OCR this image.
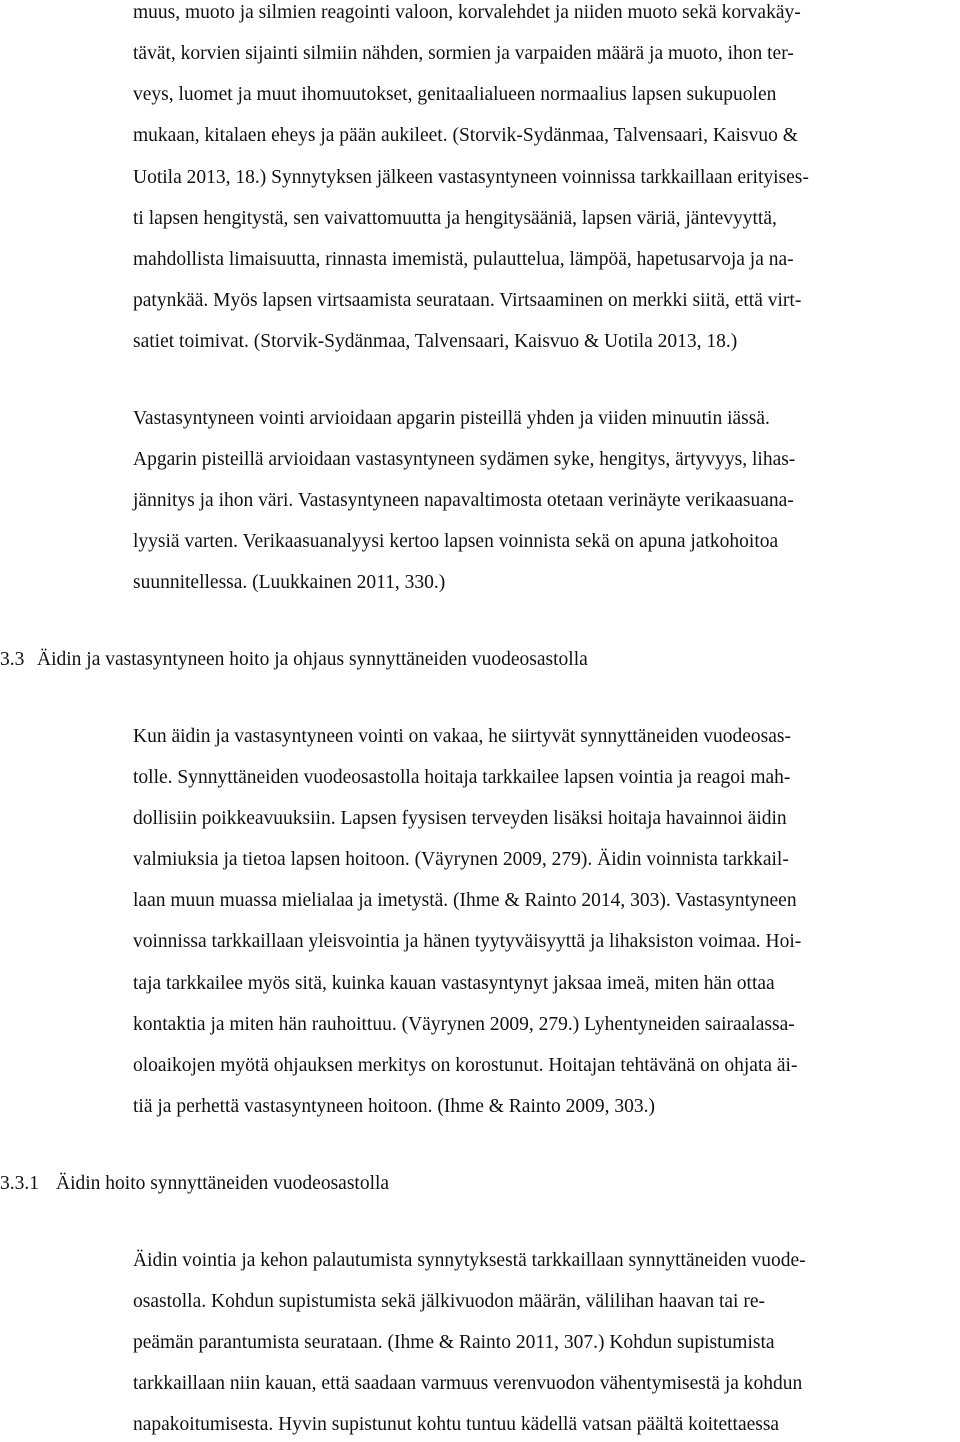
muus, muoto ja silmien reagointi valoon, korvalehdet ja niiden muoto sekä korvakäy-
tävät, korvien sijainti silmiin nähden, sormien ja varpaiden määrä ja muoto, ihon ter-
veys, luomet ja muut ihomuutokset, genitaalialueen normaalius lapsen sukupuolen
mukaan, kitalaen eheys ja pään aukileet. (Storvik-Sydänmaa, Talvensaari, Kaisvuo &
Uotila 2013, 18.) Synnytyksen jälkeen vastasyntyneen voinnissa tarkkaillaan erityises-
ti lapsen hengitystä, sen vaivattomuutta ja hengitysääniä, lapsen väriä, jäntevyyttä,
mahdollista limaisuutta, rinnasta imemistä, pulauttelua, lämpöä, hapetusarvoja ja na-
patynkää. Myös lapsen virtsaamista seurataan. Virtsaaminen on merkki siitä, että virt-
satiet toimivat. (Storvik-Sydänmaa, Talvensaari, Kaisvuo & Uotila 2013, 18.)
Vastasyntyneen vointi arvioidaan apgarin pisteillä yhden ja viiden minuutin iässä.
Apgarin pisteillä arvioidaan vastasyntyneen sydämen syke, hengitys, ärtyvyys, lihas-
jännitys ja ihon väri. Vastasyntyneen napavaltimosta otetaan verinäyte verikaasuana-
lyysiä varten. Verikaasuanalyysi kertoo lapsen voinnista sekä on apuna jatkohoitoa
suunnitellessa. (Luukkainen 2011, 330.)
3.3 Äidin ja vastasyntyneen hoito ja ohjaus synnyttäneiden vuodeosastolla
Kun äidin ja vastasyntyneen vointi on vakaa, he siirtyvät synnyttäneiden vuodeosas-
tolle. Synnyttäneiden vuodeosastolla hoitaja tarkkailee lapsen vointia ja reagoi mah-
dollisiin poikkeavuuksiin. Lapsen fyysisen terveyden lisäksi hoitaja havainnoi äidin
valmiuksia ja tietoa lapsen hoitoon. (Väyrynen 2009, 279). Äidin voinnista tarkkail-
laan muun muassa mielialaa ja imetystä. (Ihme & Rainto 2014, 303). Vastasyntyneen
voinnissa tarkkaillaan yleisvointia ja hänen tyytyväisyyttä ja lihaksiston voimaa. Hoi-
taja tarkkailee myös sitä, kuinka kauan vastasyntynyt jaksaa imeä, miten hän ottaa
kontaktia ja miten hän rauhoittuu. (Väyrynen 2009, 279.) Lyhentyneiden sairaalassa-
oloaikojen myötä ohjauksen merkitys on korostunut. Hoitajan tehtävänä on ohjata äi-
tiä ja perhettä vastasyntyneen hoitoon. (Ihme & Rainto 2009, 303.)
3.3.1 Äidin hoito synnyttäneiden vuodeosastolla
Äidin vointia ja kehon palautumista synnytyksestä tarkkaillaan synnyttäneiden vuode-
osastolla. Kohdun supistumista sekä jälkivuodon määrän, välilihan haavan tai re-
peämän parantumista seurataan. (Ihme & Rainto 2011, 307.) Kohdun supistumista
tarkkaillaan niin kauan, että saadaan varmuus verenvuodon vähentymisestä ja kohdun
napakoitumisesta. Hyvin supistunut kohtu tuntuu kädellä vatsan päältä koitettaessa
